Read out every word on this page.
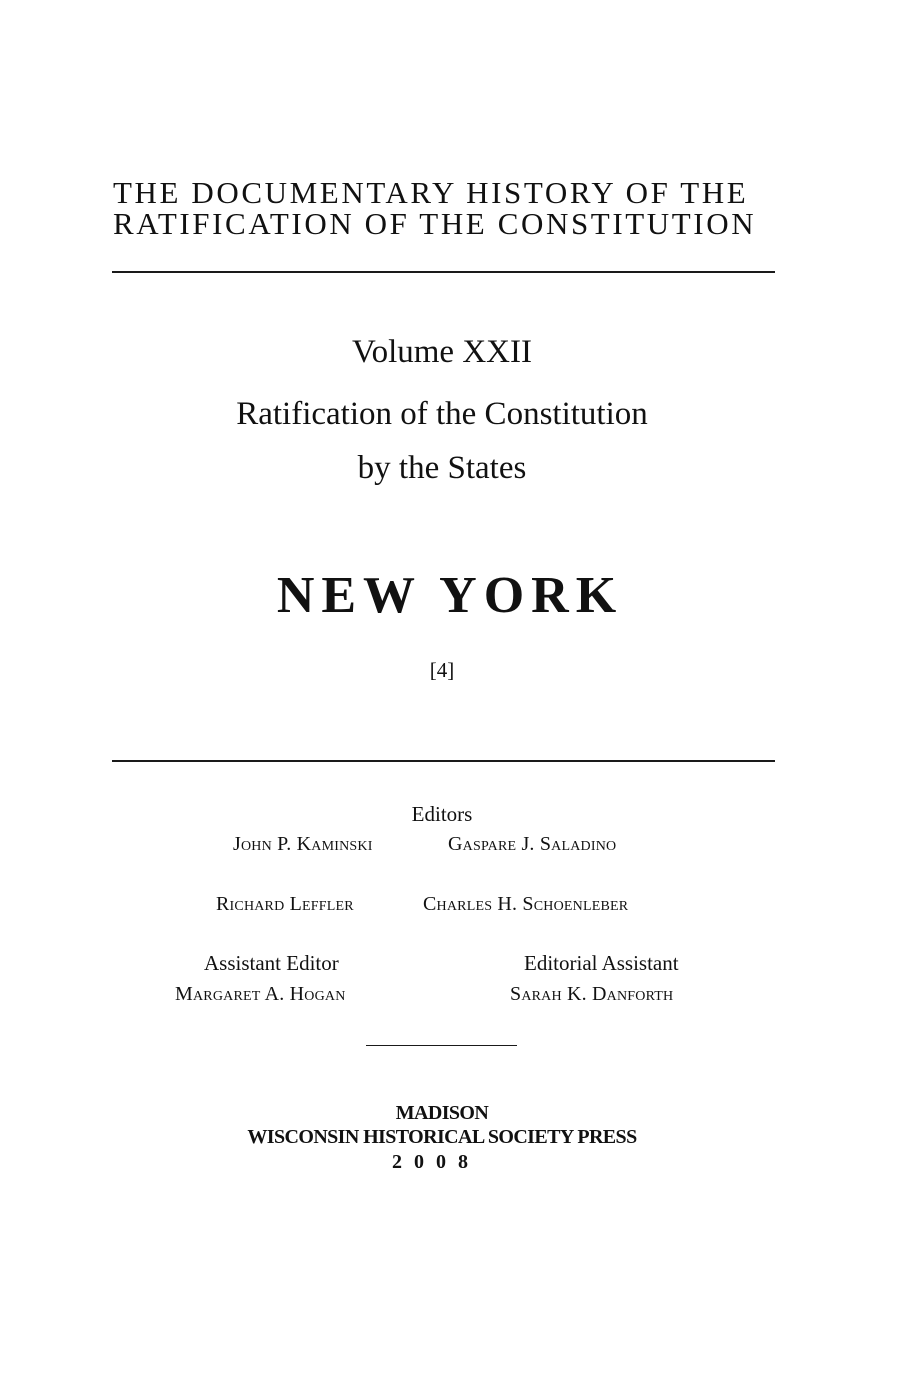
THE DOCUMENTARY HISTORY OF THE
RATIFICATION OF THE CONSTITUTION
Volume XXII
Ratification of the Constitution
by the States
NEW YORK
[4]
Editors
John P. Kaminski	Gaspare J. Saladino
Richard Leffler	Charles H. Schoenleber
Assistant Editor
Margaret A. Hogan
Editorial Assistant
Sarah K. Danforth
MADISON
WISCONSIN HISTORICAL SOCIETY PRESS
2008
